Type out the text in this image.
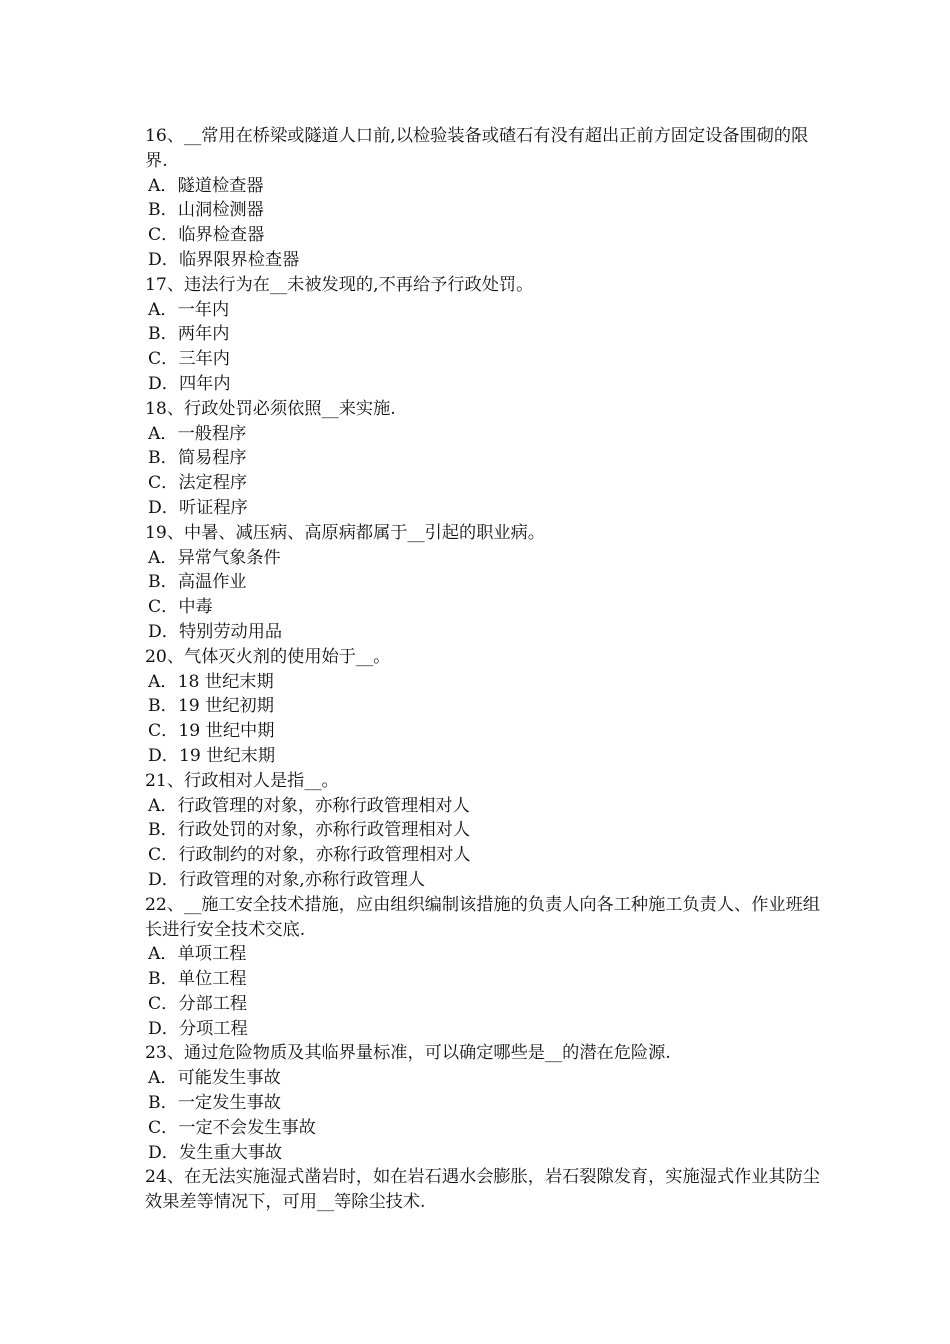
16、__常用在桥梁或隧道人口前,以检验装备或碴石有没有超出正前方固定设备围砌的限界.

A．隧道检查器

B．山洞检测器

C．临界检查器

D．临界限界检查器

17、违法行为在__未被发现的,不再给予行政处罚。

A．一年内

B．两年内

C．三年内

D．四年内

18、行政处罚必须依照__来实施.

A．一般程序

B．简易程序

C．法定程序

D．听证程序

19、中暑、减压病、高原病都属于__引起的职业病。

A．异常气象条件

B．高温作业

C．中毒

D．特别劳动用品

20、气体灭火剂的使用始于__。

A．18 世纪末期

B．19 世纪初期

C．19 世纪中期

D．19 世纪末期

21、行政相对人是指__。

A．行政管理的对象，亦称行政管理相对人

B．行政处罚的对象，亦称行政管理相对人

C．行政制约的对象，亦称行政管理相对人

D．行政管理的对象,亦称行政管理人

22、__施工安全技术措施，应由组织编制该措施的负责人向各工种施工负责人、作业班组长进行安全技术交底.

A．单项工程

B．单位工程

C．分部工程

D．分项工程

23、通过危险物质及其临界量标准，可以确定哪些是__的潜在危险源.

A．可能发生事故

B．一定发生事故

C．一定不会发生事故

D．发生重大事故

24、在无法实施湿式凿岩时，如在岩石遇水会膨胀，岩石裂隙发育，实施湿式作业其防尘效果差等情况下，可用__等除尘技术.
